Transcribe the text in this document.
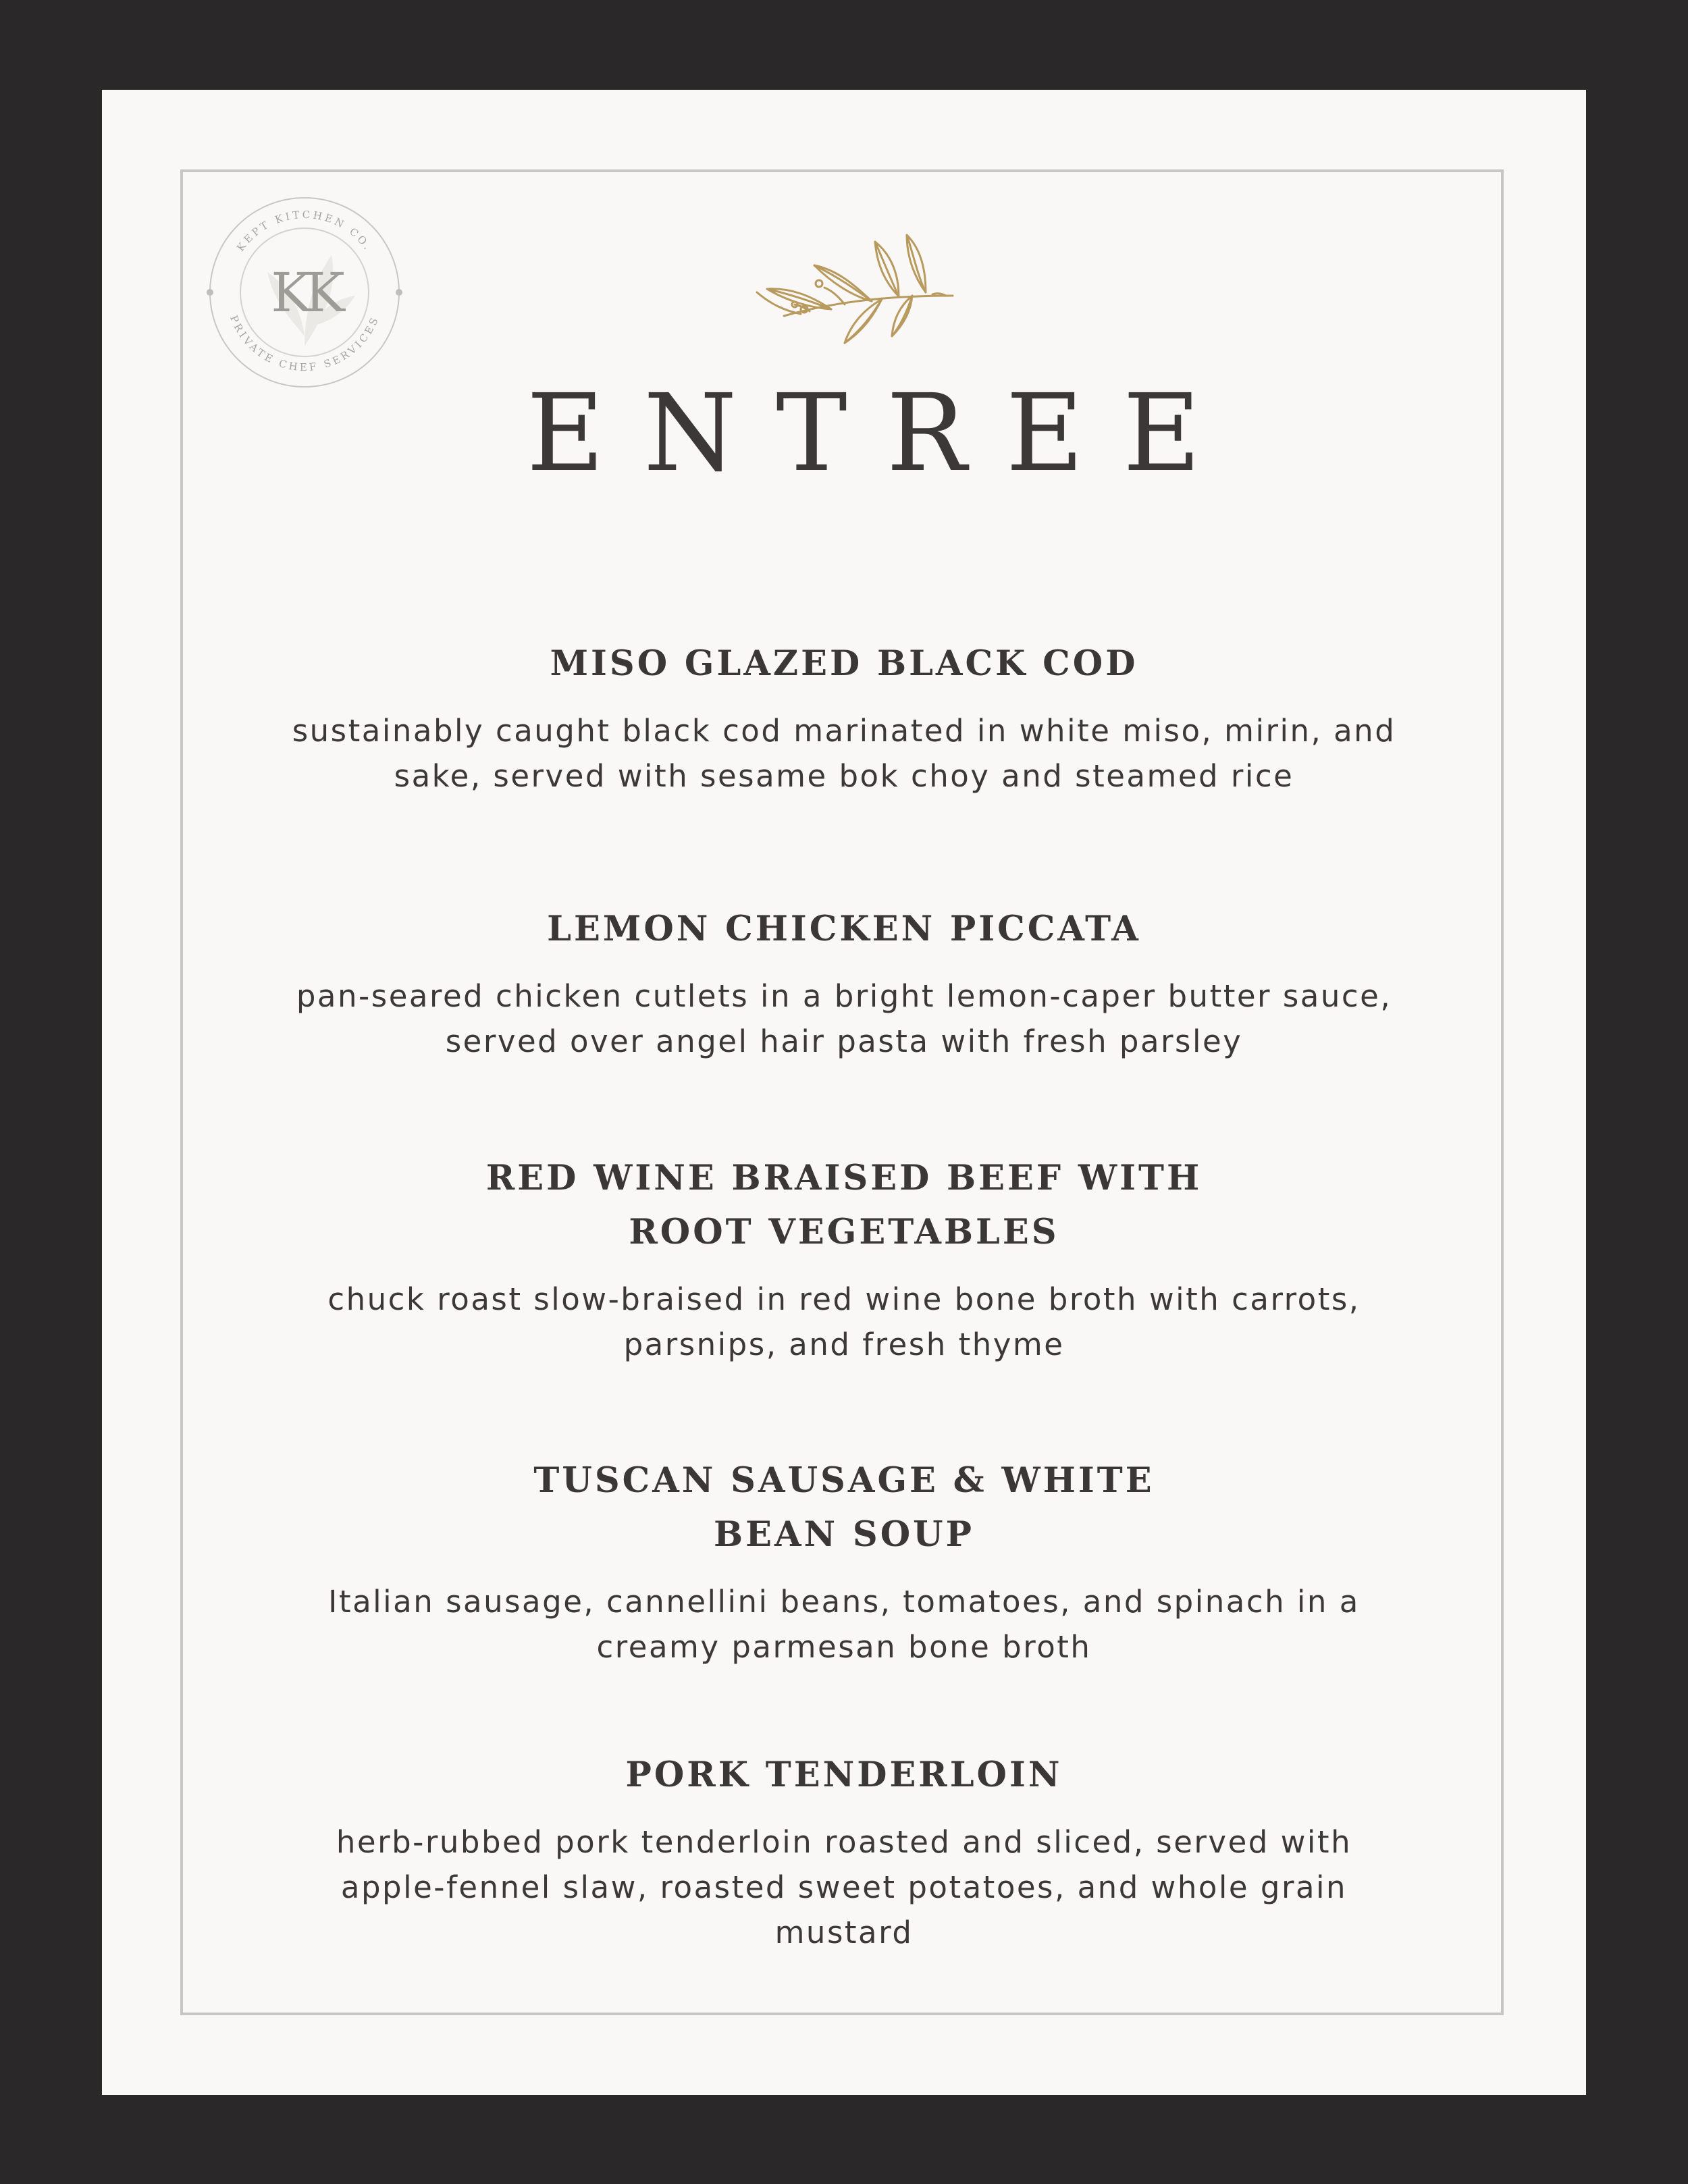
KEPT KITCHEN CO.
PRIVATE CHEF SERVICES
KK
ENTREE
MISO GLAZED BLACK COD
sustainably caught black cod marinated in white miso, mirin, and sake, served with sesame bok choy and steamed rice
LEMON CHICKEN PICCATA
pan-seared chicken cutlets in a bright lemon-caper butter sauce, served over angel hair pasta with fresh parsley
RED WINE BRAISED BEEF WITH ROOT VEGETABLES
chuck roast slow-braised in red wine bone broth with carrots, parsnips, and fresh thyme
TUSCAN SAUSAGE & WHITE BEAN SOUP
Italian sausage, cannellini beans, tomatoes, and spinach in a creamy parmesan bone broth
PORK TENDERLOIN
herb-rubbed pork tenderloin roasted and sliced, served with apple-fennel slaw, roasted sweet potatoes, and whole grain mustard
